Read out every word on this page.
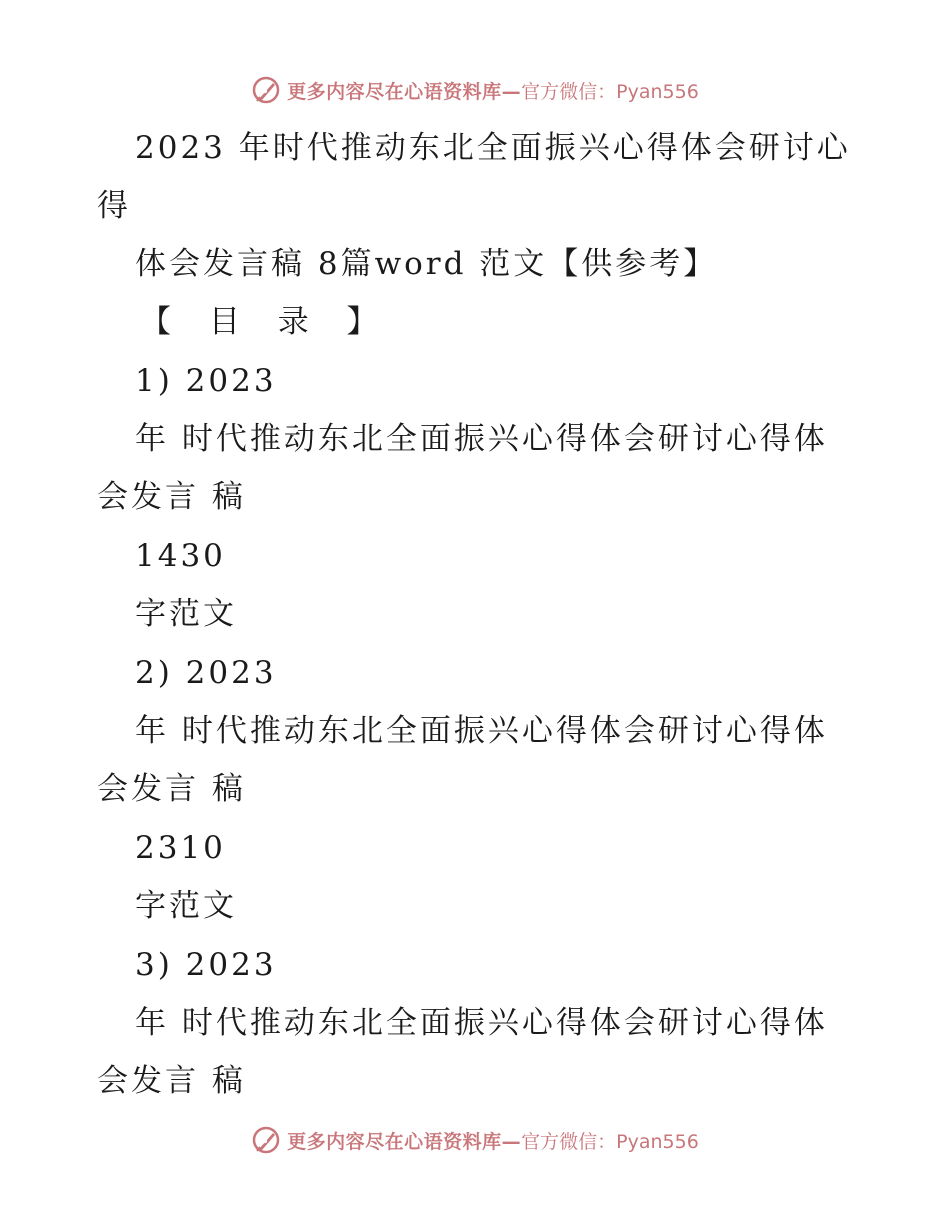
更多内容尽在心语资料库— 官方微信：Pyan556
2023 年时代推动东北全面振兴心得体会研讨心
得
体会发言稿 8篇word 范文【供参考】
【 目 录 】
1) 2023
年 时代推动东北全面振兴心得体会研讨心得体
会发言 稿
1430
字范文
2) 2023
年 时代推动东北全面振兴心得体会研讨心得体
会发言 稿
2310
字范文
3) 2023
年 时代推动东北全面振兴心得体会研讨心得体
会发言 稿
更多内容尽在心语资料库— 官方微信：Pyan556
